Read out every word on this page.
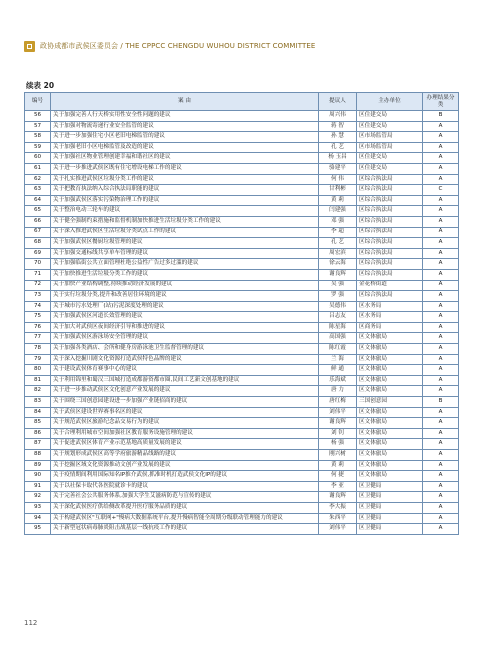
政协成都市武侯区委员会 / THE CPPCC CHENGDU WUHOU DISTRICT COMMITTEE
续表 20
编号	案 由	提议人	主办单位	办理结果分类
56	关于加强完善人行天桥实用性安全性问题的建议	周兴伟	区住建交局	B
57	关于加强对物流寄递行业安全监管的建议	蒋 智	区住建交局	A
58	关于进一步加强住宅小区老旧电梯监管的建议	孙 慧	区市场监管局	A
59	关于加强老旧小区电梯监管及改造的建议	孔 艺	区市场监管局	A
60	关于加强社区物业管理创建幸福和谐社区的建议	杨 玉昌	区住建交局	A
61	关于进一步推进武侯区既有住宅增设电梯工作的建议	骆建平	区住建交局	A
62	关于扎实推进武侯区垃圾分类工作的建议	何 伟	区综合执法局	A
63	关于把教育执法纳入综合执法局职能的建议	甘利彬	区综合执法局	C
64	关于加强武侯区落实污染物治理工作的建议	黄 莉	区综合执法局	A
65	关于整治电动三轮车的建议	闫建强	区综合执法局	A
66	关于健全强制约束措施和监督机制加快推进生活垃圾分类工作的建议	邓 强	区综合执法局	A
67	关于深入推进武侯区生活垃圾分类试点工作的建议	李 超	区综合执法局	A
68	关于加强武侯区餐厨垃圾管理的建议	孔 艺	区综合执法局	A
69	关于加强交通标线共享单车管理的建议	周宏滨	区综合执法局	A
70	关于加强临街公共立面管理杜绝公益性广告过多过滥的建议	徐云海	区综合执法局	A
71	关于加快推进生活垃圾分类工作的建议	谢良辉	区综合执法局	A
72	关于加快产业结构调整,持续推动经济发展的建议	吴 强	金花桥街道	A
73	关于实行垃圾分类,提升和改善居住环境的建议	罗 强	区综合执法局	A
74	关于城市污水处理厂(站)污泥深度处理的建议	吴德伟	区水务局	A
75	关于加强武侯区河道长效管理的建议	吕志友	区水务局	A
76	关于加大对武侯区夜间经济引导和推进的建议	陈星海	区商务局	A
77	关于加强武侯区游泳场安全管理的建议	高国强	区文体旅局	A
78	关于加强各类酒店、会所和健身房游泳池卫生监督管理的建议	陈红霞	区文体旅局	A
79	关于深入挖掘川剧文化资源打造武侯特色品牌的建议	兰 海	区文体旅局	A
80	关于建设武侯体育赛事中心的建议	鲜 通	区文体旅局	A
81	关于利用锦里和蜀汉三国城打造成都游资都市圈,民间工艺新文创基地的建议	乐海斌	区文体旅局	A
82	关于进一步推动武侯区文化创意产业发展的建议	唐 力	区文体旅局	A
83	关于围绕三国创意园建设进一步加强产业链招商的建议	唐红梅	三国创意园	B
84	关于武侯区建设世界赛事名区的建议	刘伟平	区文体旅局	A
85	关于规范武侯区旅游纪念品交易行为的建议	谢良辉	区文体旅局	A
86	关于合理利用城市空间加强社区教育服务设施管理的建议	刘 钊	区文体旅局	A
87	关于促进武侯区体育产业示范基地高质量发展的建议	杨 强	区文体旅局	A
88	关于规划形成武侯区高等学府旅游精品线路的建议	刚兴树	区文体旅局	A
89	关于挖掘区域文化资源推动文创产业发展的建议	黄 莉	区文体旅局	A
90	关于疫情期间利用国际知名IP推介武侯,抓准时机打造武侯文化IP的建议	何 捷	区文体旅局	A
91	关于以社保卡取代各医院就诊卡的建议	李 亚	区卫健局	A
92	关于完善社会公共服务体系,加强大学生艾滋病防范与宣传的建议	谢良辉	区卫健局	A
93	关于深化武侯医疗供给侧改革提升医疗服务品质的建议	李大振	区卫健局	A
94	关于构建武侯区"互联网+"慢病大数据系统平台,提升慢病智能全周期分级联动管理能力的建议	朱西平	区卫健局	A
95	关于新型冠状病毒肺炎阻击战基层一线抗疫工作的建议	刘伟平	区卫健局	A
112
